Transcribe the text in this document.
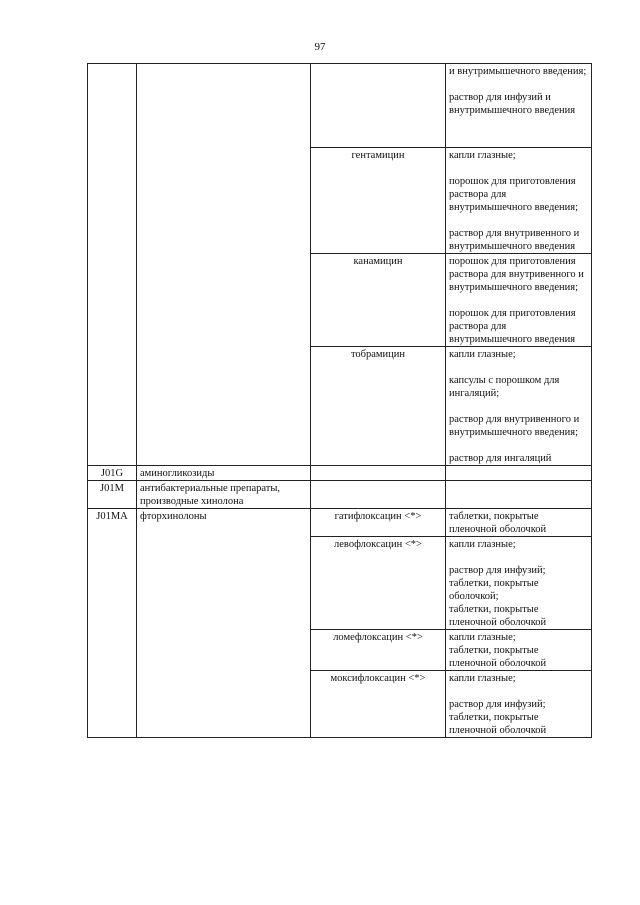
97

			и внутримышечного введения;
раствор для инфузий и внутримышечного введения

		гентамицин	капли глазные;
порошок для приготовления раствора для внутримышечного введения;
раствор для внутривенного и внутримышечного введения

		канамицин	порошок для приготовления раствора для внутривенного и внутримышечного введения;
порошок для приготовления раствора для внутримышечного введения

		тобрамицин	капли глазные;
капсулы с порошком для ингаляций;
раствор для внутривенного и внутримышечного введения;
раствор для ингаляций

J01G	аминогликозиды		
J01M	антибактериальные препараты, производные хинолона		
J01MA	фторхинолоны	гатифлоксацин <*>	таблетки, покрытые пленочной оболочкой

		левофлоксацин <*>	капли глазные;
раствор для инфузий;
таблетки, покрытые оболочкой;
таблетки, покрытые пленочной оболочкой

		ломефлоксацин <*>	капли глазные;
таблетки, покрытые пленочной оболочкой

		моксифлоксацин <*>	капли глазные;
раствор для инфузий;
таблетки, покрытые пленочной оболочкой
